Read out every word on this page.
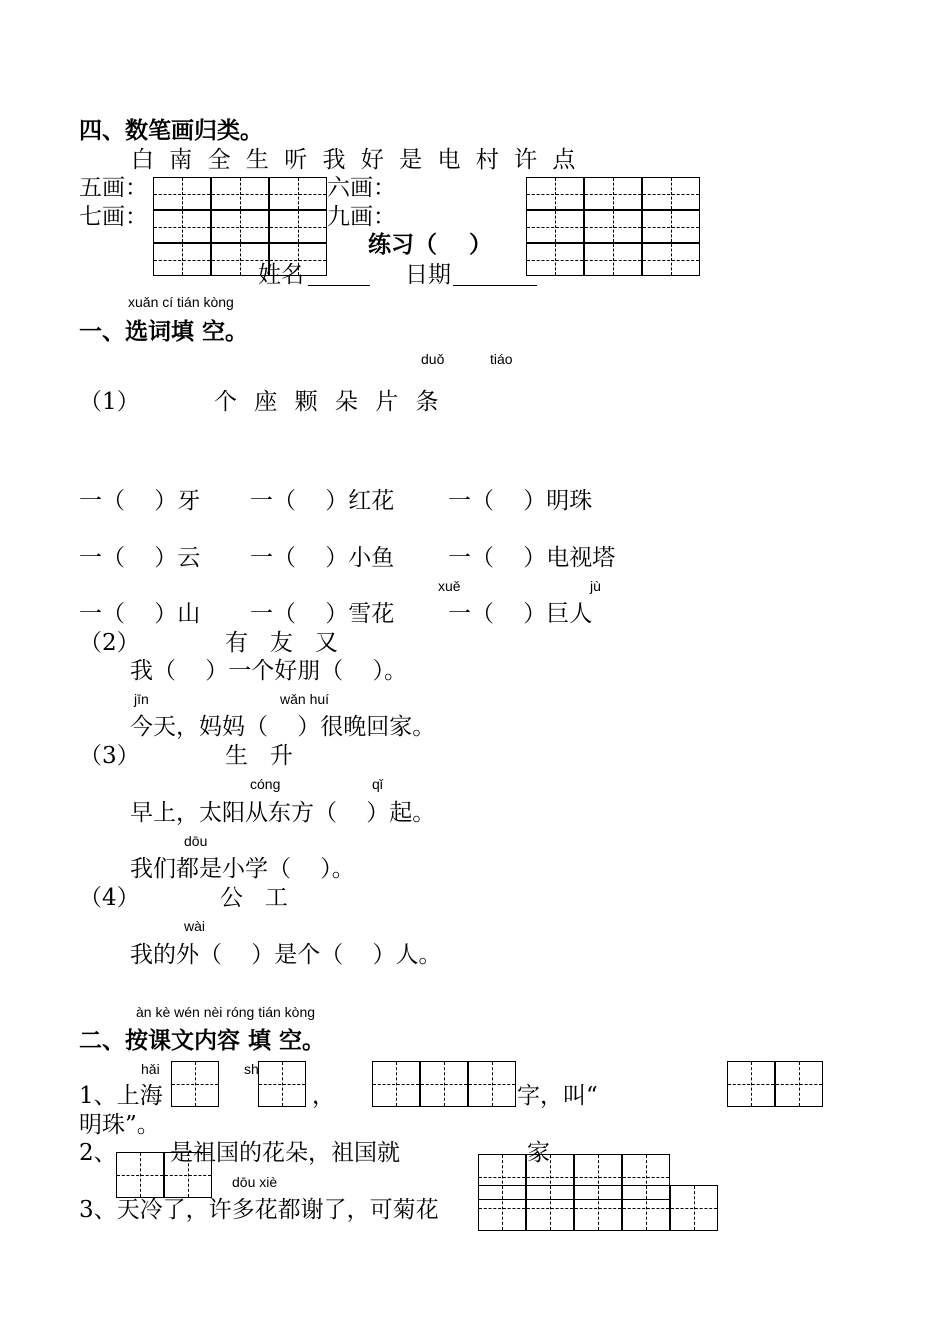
四、数笔画归类。
白 南 全 生 听 我 好 是 电 村 许 点
五画：	六画：
七画：	九画：
练习（    ）
姓名	日期
xuǎn cí tián kòng
一、选词填 空。
duǒ	tiáo
（1）	个 座 颗 朵 片 条
一（    ）牙 一（    ）红花 一（    ）明珠
一（    ）云 一（    ）小鱼 一（    ）电视塔
xuě	jù
一（    ）山 一（    ）雪花 一（    ）巨人
（2）	有   友   又
我（    ）一个好朋（    ）。
jīn	wǎn huí
今天，妈妈（    ）很晚回家。
（3）	生   升
cóng	qǐ
早上，太阳从东方（    ）起。
dōu
我们都是小学（    ）。
（4）	公   工
wài
我的外（    ）是个（    ）人。
àn kè wén nèi róng tián kòng
二、按课文内容 填 空。
hǎi	sh
1、上海	，	字，叫“
明珠”。
2、 是祖国的花朵，祖国就	家
dōu xiè
3、天冷了，许多花都谢了，可菊花
